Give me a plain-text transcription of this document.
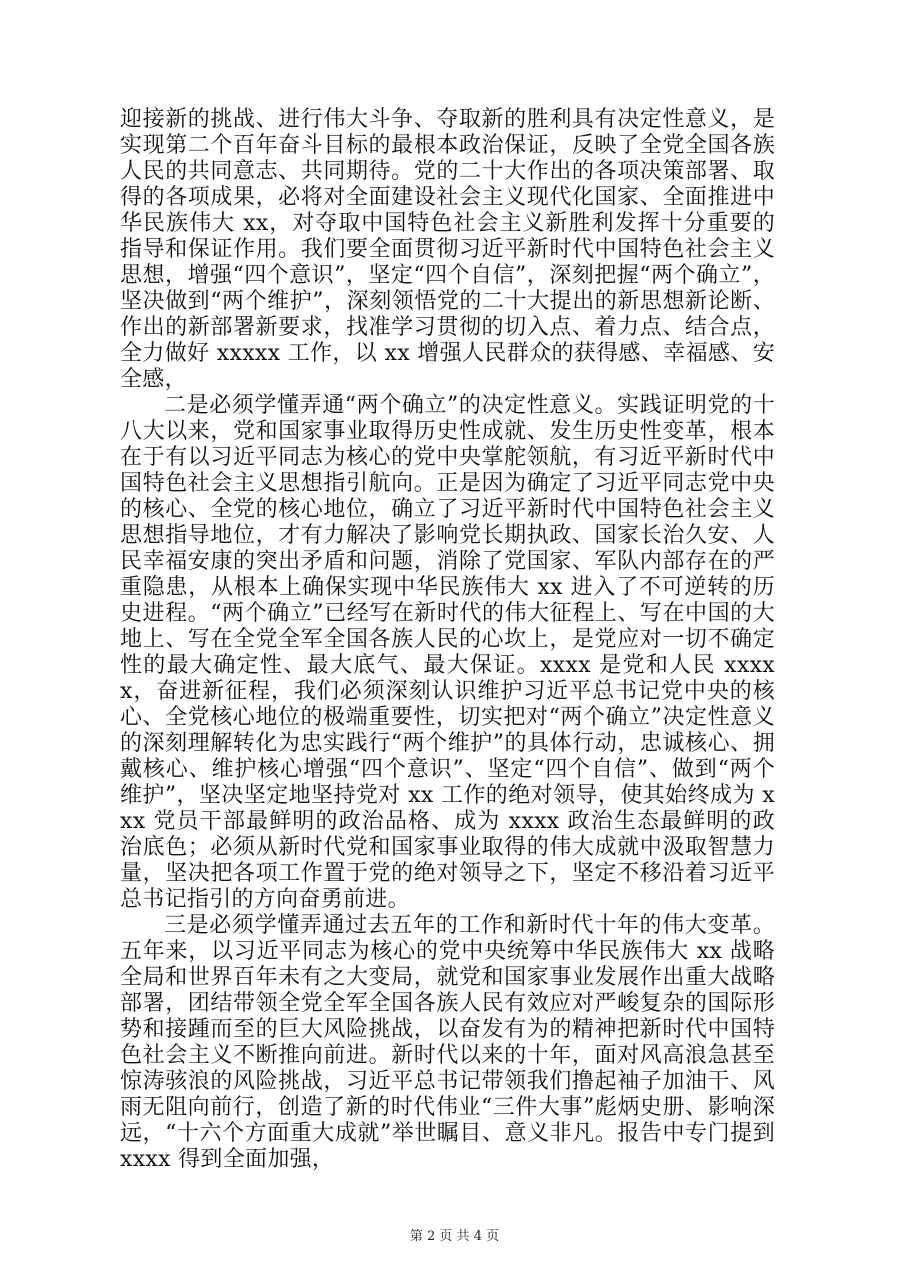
迎接新的挑战、进行伟大斗争、夺取新的胜利具有决定性意义，是实现第二个百年奋斗目标的最根本政治保证，反映了全党全国各族人民的共同意志、共同期待。党的二十大作出的各项决策部署、取得的各项成果，必将对全面建设社会主义现代化国家、全面推进中华民族伟大 xx，对夺取中国特色社会主义新胜利发挥十分重要的指导和保证作用。我们要全面贯彻习近平新时代中国特色社会主义思想，增强“四个意识”，坚定“四个自信”，深刻把握“两个确立”，坚决做到“两个维护”，深刻领悟党的二十大提出的新思想新论断、作出的新部署新要求，找准学习贯彻的切入点、着力点、结合点，全力做好 xxxxx 工作，以 xx 增强人民群众的获得感、幸福感、安全感，

二是必须学懂弄通“两个确立”的决定性意义。实践证明党的十八大以来，党和国家事业取得历史性成就、发生历史性变革，根本在于有以习近平同志为核心的党中央掌舵领航，有习近平新时代中国特色社会主义思想指引航向。正是因为确定了习近平同志党中央的核心、全党的核心地位，确立了习近平新时代中国特色社会主义思想指导地位，才有力解决了影响党长期执政、国家长治久安、人民幸福安康的突出矛盾和问题，消除了党国家、军队内部存在的严重隐患，从根本上确保实现中华民族伟大 xx 进入了不可逆转的历史进程。“两个确立”已经写在新时代的伟大征程上、写在中国的大地上、写在全党全军全国各族人民的心坎上，是党应对一切不确定性的最大确定性、最大底气、最大保证。xxxx 是党和人民 xxxxx，奋进新征程，我们必须深刻认识维护习近平总书记党中央的核心、全党核心地位的极端重要性，切实把对“两个确立”决定性意义的深刻理解转化为忠实践行“两个维护”的具体行动，忠诚核心、拥戴核心、维护核心增强“四个意识”、坚定“四个自信”、做到“两个维护”，坚决坚定地坚持党对 xx 工作的绝对领导，使其始终成为 xxx 党员干部最鲜明的政治品格、成为 xxxx 政治生态最鲜明的政治底色；必须从新时代党和国家事业取得的伟大成就中汲取智慧力量，坚决把各项工作置于党的绝对领导之下，坚定不移沿着习近平总书记指引的方向奋勇前进。

三是必须学懂弄通过去五年的工作和新时代十年的伟大变革。五年来，以习近平同志为核心的党中央统筹中华民族伟大 xx 战略全局和世界百年未有之大变局，就党和国家事业发展作出重大战略部署，团结带领全党全军全国各族人民有效应对严峻复杂的国际形势和接踵而至的巨大风险挑战，以奋发有为的精神把新时代中国特色社会主义不断推向前进。新时代以来的十年，面对风高浪急甚至惊涛骇浪的风险挑战，习近平总书记带领我们撸起袖子加油干、风雨无阻向前行，创造了新的时代伟业“三件大事”彪炳史册、影响深远，“十六个方面重大成就”举世瞩目、意义非凡。报告中专门提到 xxxx 得到全面加强，

第 2 页 共 4 页
